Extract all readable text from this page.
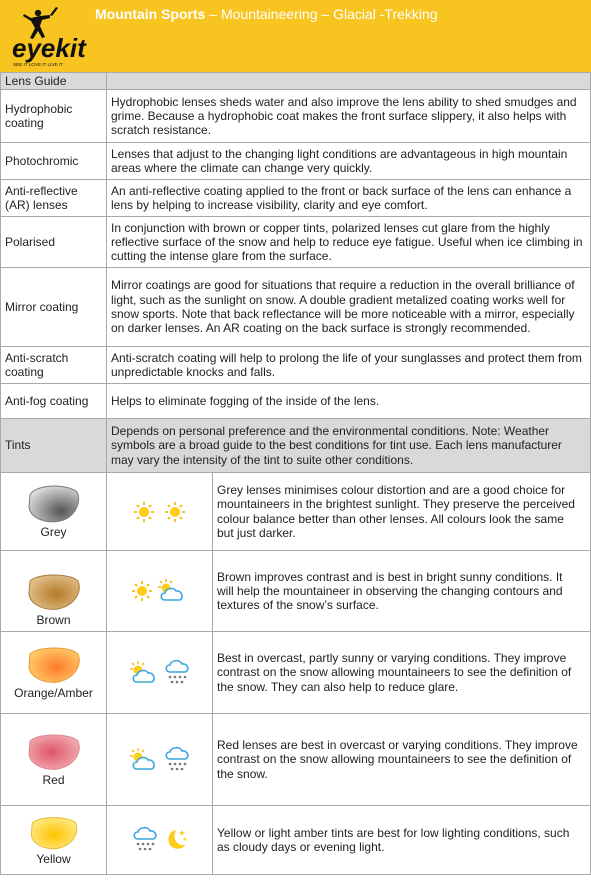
eyekit
SEE IT LOVE IT LIVE IT
Mountain Sports – Mountaineering – Glacial -Trekking
Lens Guide		
Hydrophobic coating	Hydrophobic lenses sheds water and also improve the lens ability to shed smudges and grime. Because a hydrophobic coat makes the front surface slippery, it also helps with scratch resistance.	
Photochromic	Lenses that adjust to the changing light conditions are advantageous in high mountain areas where the climate can change very quickly.	
Anti-reflective (AR) lenses	An anti-reflective coating applied to the front or back surface of the lens can enhance a lens by helping to increase visibility, clarity and eye comfort.	
Polarised	In conjunction with brown or copper tints, polarized lenses cut glare from the highly reflective surface of the snow and help to reduce eye fatigue. Useful when ice climbing in cutting the intense glare from the surface.	
Mirror coating	Mirror coatings are good for situations that require a reduction in the overall brilliance of light, such as the sunlight on snow. A double gradient metalized coating works well for snow sports. Note that back reflectance will be more noticeable with a mirror, especially on darker lenses. An AR coating on the back surface is strongly recommended.	
Anti-scratch coating	Anti-scratch coating will help to prolong the life of your sunglasses and protect them from unpredictable knocks and falls.	
Anti-fog coating	Helps to eliminate fogging of the inside of the lens.	
Tints	Depends on personal preference and the environmental conditions. Note: Weather symbols are a broad guide to the best conditions for tint use. Each lens manufacturer may vary the intensity of the tint to suite other conditions.	

Grey		Grey lenses minimises colour distortion and are a good choice for mountaineers in the brightest sunlight. They preserve the perceived colour balance better than other lenses. All colours look the same but just darker.

Brown		Brown improves contrast and is best in bright sunny conditions. It will help the mountaineer in observing the changing contours and textures of the snow’s surface.

Orange/Amber		Best in overcast, partly sunny or varying conditions. They improve contrast on the snow allowing mountaineers to see the definition of the snow. They can also help to reduce glare.

Red		Red lenses are best in overcast or varying conditions. They improve contrast on the snow allowing mountaineers to see the definition of the snow.

Yellow		Yellow or light amber tints are best for low lighting conditions, such as cloudy days or evening light.
